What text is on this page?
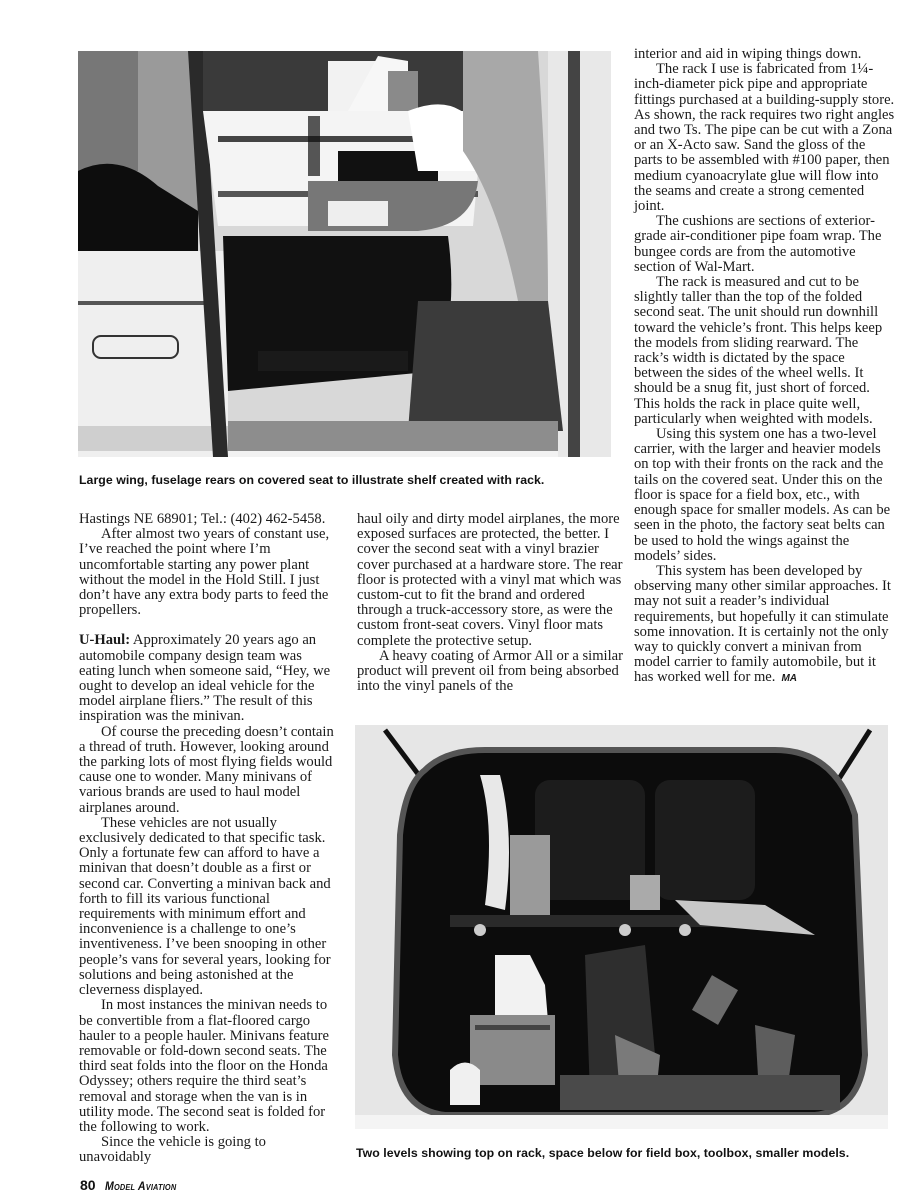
Large wing, fuselage rears on covered seat to illustrate shelf created with rack.

Hastings NE 68901; Tel.: (402) 462-5458.

After almost two years of constant use, I’ve reached the point where I’m uncomfortable starting any power plant without the model in the Hold Still. I just don’t have any extra body parts to feed the propellers.

U-Haul: Approximately 20 years ago an automobile company design team was eating lunch when someone said, “Hey, we ought to develop an ideal vehicle for the model airplane fliers.” The result of this inspiration was the minivan.

Of course the preceding doesn’t contain a thread of truth. However, looking around the parking lots of most flying fields would cause one to wonder. Many minivans of various brands are used to haul model airplanes around.

These vehicles are not usually exclusively dedicated to that specific task. Only a fortunate few can afford to have a minivan that doesn’t double as a first or second car. Converting a minivan back and forth to fill its various functional requirements with minimum effort and inconvenience is a challenge to one’s inventiveness. I’ve been snooping in other people’s vans for several years, looking for solutions and being astonished at the cleverness displayed.

In most instances the minivan needs to be convertible from a flat-floored cargo hauler to a people hauler. Minivans feature removable or fold-down second seats. The third seat folds into the floor on the Honda Odyssey; others require the third seat’s removal and storage when the van is in utility mode. The second seat is folded for the following to work.

Since the vehicle is going to unavoidably

haul oily and dirty model airplanes, the more exposed surfaces are protected, the better. I cover the second seat with a vinyl brazier cover purchased at a hardware store. The rear floor is protected with a vinyl mat which was custom-cut to fit the brand and ordered through a truck-accessory store, as were the custom front-seat covers. Vinyl floor mats complete the protective setup.

A heavy coating of Armor All or a similar product will prevent oil from being absorbed into the vinyl panels of the

interior and aid in wiping things down.

The rack I use is fabricated from 1¼-inch-diameter pick pipe and appropriate fittings purchased at a building-supply store. As shown, the rack requires two right angles and two Ts. The pipe can be cut with a Zona or an X-Acto saw. Sand the gloss of the parts to be assembled with #100 paper, then medium cyanoacrylate glue will flow into the seams and create a strong cemented joint.

The cushions are sections of exterior-grade air-conditioner pipe foam wrap. The bungee cords are from the automotive section of Wal-Mart.

The rack is measured and cut to be slightly taller than the top of the folded second seat. The unit should run downhill toward the vehicle’s front. This helps keep the models from sliding rearward. The rack’s width is dictated by the space between the sides of the wheel wells. It should be a snug fit, just short of forced. This holds the rack in place quite well, particularly when weighted with models.

Using this system one has a two-level carrier, with the larger and heavier models on top with their fronts on the rack and the tails on the covered seat. Under this on the floor is space for a field box, etc., with enough space for smaller models. As can be seen in the photo, the factory seat belts can be used to hold the wings against the models’ sides.

This system has been developed by observing many other similar approaches. It may not suit a reader’s individual requirements, but hopefully it can stimulate some innovation. It is certainly not the only way to quickly convert a minivan from model carrier to family automobile, but it has worked well for me. MA

Two levels showing top on rack, space below for field box, toolbox, smaller models.
80 Model Aviation
